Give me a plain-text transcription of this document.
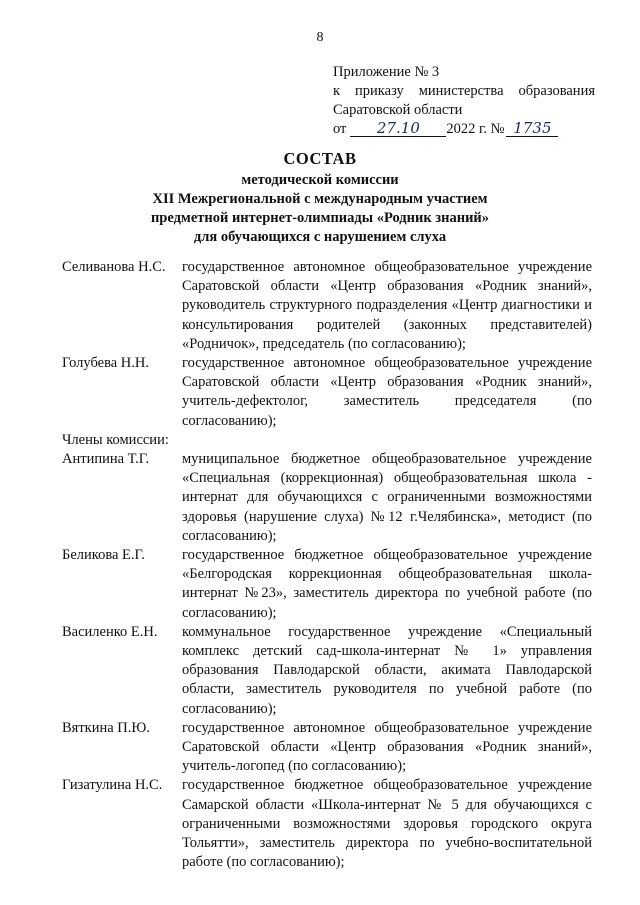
8
Приложение № 3
к приказу министерства образования
Саратовской области
от 27.10 2022 г. № 1735
СОСТАВ
методической комиссии
XII Межрегиональной с международным участием
предметной интернет-олимпиады «Родник знаний»
для обучающихся с нарушением слуха
Селиванова Н.С.	государственное автономное общеобразовательное учреждение Саратовской области «Центр образования «Родник знаний», руководитель структурного подразделения «Центр диагностики и консультирования родителей (законных представителей) «Родничок», председатель (по согласованию);
Голубева Н.Н.	государственное автономное общеобразовательное учреждение Саратовской области «Центр образования «Родник знаний», учитель-дефектолог, заместитель председателя (по согласованию);
Члены комиссии:
Антипина Т.Г.	муниципальное бюджетное общеобразовательное учреждение «Специальная (коррекционная) общеобразовательная школа - интернат для обучающихся с ограниченными возможностями здоровья (нарушение слуха) №12 г.Челябинска», методист (по согласованию);
Беликова Е.Г.	государственное бюджетное общеобразовательное учреждение «Белгородская коррекционная общеобразовательная школа-интернат №23», заместитель директора по учебной работе (по согласованию);
Василенко Е.Н.	коммунальное государственное учреждение «Специальный комплекс детский сад-школа-интернат № 1» управления образования Павлодарской области, акимата Павлодарской области, заместитель руководителя по учебной работе (по согласованию);
Вяткина П.Ю.	государственное автономное общеобразовательное учреждение Саратовской области «Центр образования «Родник знаний», учитель-логопед (по согласованию);
Гизатулина Н.С.	государственное бюджетное общеобразовательное учреждение Самарской области «Школа-интернат № 5 для обучающихся с ограниченными возможностями здоровья городского округа Тольятти», заместитель директора по учебно-воспитательной работе (по согласованию);
